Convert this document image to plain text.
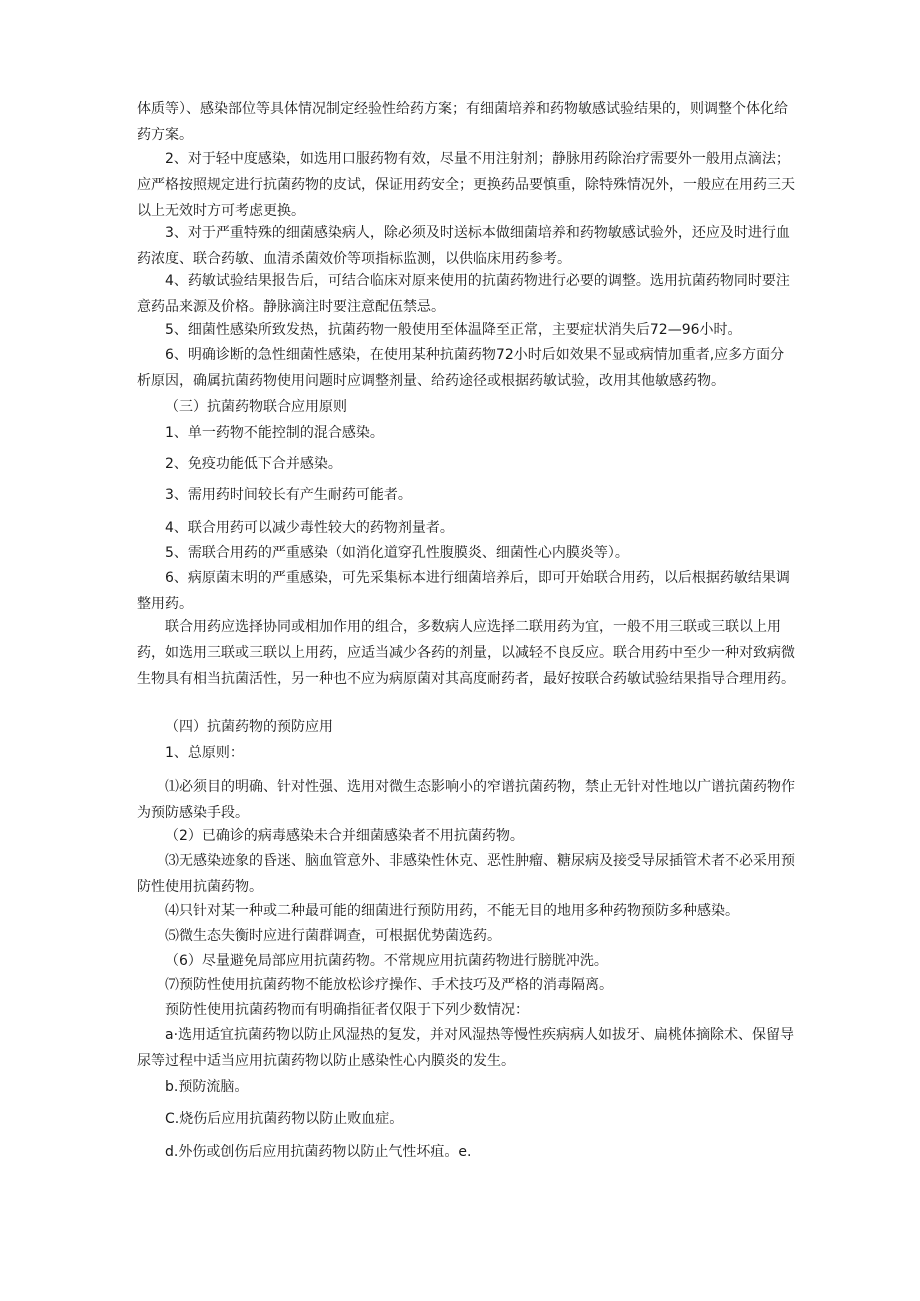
体质等）、感染部位等具体情况制定经验性给药方案；有细菌培养和药物敏感试验结果的，则调整个体化给药方案。

2、对于轻中度感染，如选用口服药物有效，尽量不用注射剂；静脉用药除治疗需要外一般用点滴法；应严格按照规定进行抗菌药物的皮试，保证用药安全；更换药品要慎重，除特殊情况外，一般应在用药三天以上无效时方可考虑更换。

3、对于严重特殊的细菌感染病人，除必须及时送标本做细菌培养和药物敏感试验外，还应及时进行血药浓度、联合药敏、血清杀菌效价等项指标监测，以供临床用药参考。

4、药敏试验结果报告后，可结合临床对原来使用的抗菌药物进行必要的调整。选用抗菌药物同时要注意药品来源及价格。静脉滴注时要注意配伍禁忌。

5、细菌性感染所致发热，抗菌药物一般使用至体温降至正常，主要症状消失后72—96小时。

6、明确诊断的急性细菌性感染，在使用某种抗菌药物72小时后如效果不显或病情加重者,应多方面分析原因，确属抗菌药物使用问题时应调整剂量、给药途径或根据药敏试验，改用其他敏感药物。

（三）抗菌药物联合应用原则

1、单一药物不能控制的混合感染。

2、免疫功能低下合并感染。

3、需用药时间较长有产生耐药可能者。

4、联合用药可以减少毒性较大的药物剂量者。

5、需联合用药的严重感染（如消化道穿孔性腹膜炎、细菌性心内膜炎等）。

6、病原菌末明的严重感染，可先采集标本进行细菌培养后，即可开始联合用药，以后根据药敏结果调整用药。

联合用药应选择协同或相加作用的组合，多数病人应选择二联用药为宜，一般不用三联或三联以上用药，如选用三联或三联以上用药，应适当减少各药的剂量，以减轻不良反应。联合用药中至少一种对致病微生物具有相当抗菌活性，另一种也不应为病原菌对其高度耐药者，最好按联合药敏试验结果指导合理用药。

（四）抗菌药物的预防应用

1、总原则：

⑴必须目的明确、针对性强、选用对微生态影响小的窄谱抗菌药物，禁止无针对性地以广谱抗菌药物作为预防感染手段。

（2）已确诊的病毒感染未合并细菌感染者不用抗菌药物。

⑶无感染迹象的昏迷、脑血管意外、非感染性休克、恶性肿瘤、糖尿病及接受导尿插管术者不必采用预防性使用抗菌药物。

⑷只针对某一种或二种最可能的细菌进行预防用药，不能无目的地用多种药物预防多种感染。

⑸微生态失衡时应进行菌群调查，可根据优势菌选药。

（6）尽量避免局部应用抗菌药物。不常规应用抗菌药物进行膀胱冲洗。

⑺预防性使用抗菌药物不能放松诊疗操作、手术技巧及严格的消毒隔离。

预防性使用抗菌药物而有明确指征者仅限于下列少数情况：

a·选用适宜抗菌药物以防止风湿热的复发，并对风湿热等慢性疾病病人如拔牙、扁桃体摘除术、保留导尿等过程中适当应用抗菌药物以防止感染性心内膜炎的发生。

b.预防流脑。

C.烧伤后应用抗菌药物以防止败血症。

d.外伤或创伤后应用抗菌药物以防止气性坏疽。e.
